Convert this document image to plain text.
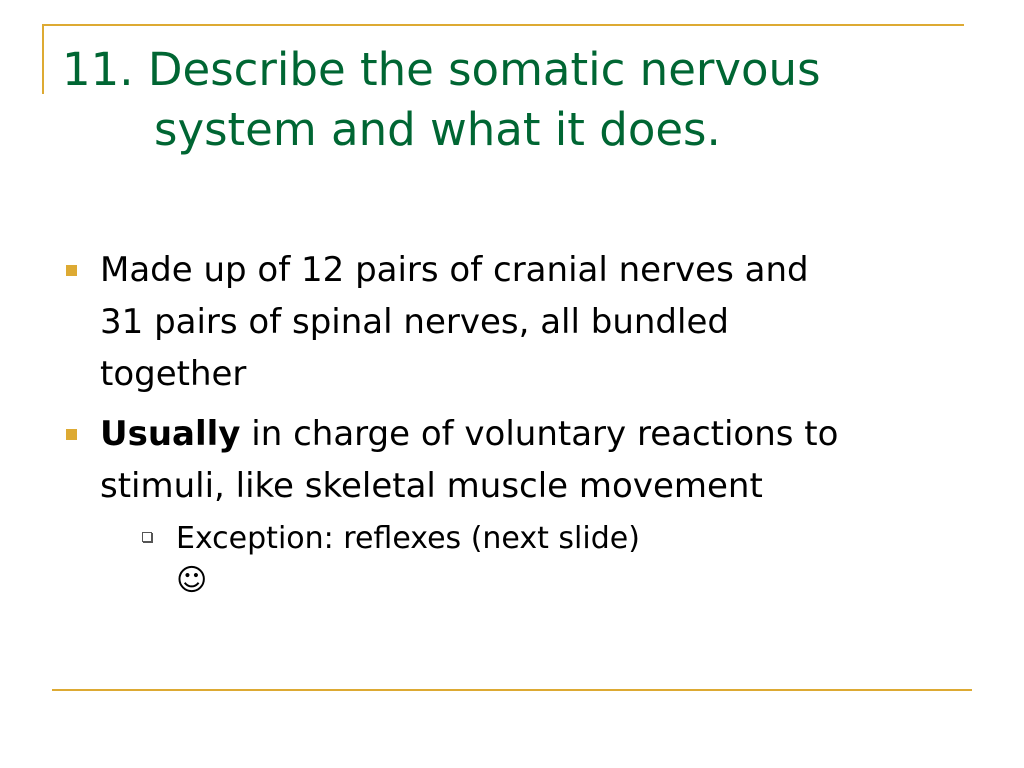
11. Describe the somatic nervous
system and what it does.
Made up of 12 pairs of cranial nerves and
31 pairs of spinal nerves, all bundled
together
Usually in charge of voluntary reactions to
stimuli, like skeletal muscle movement
Exception: reflexes (next slide)
☺
